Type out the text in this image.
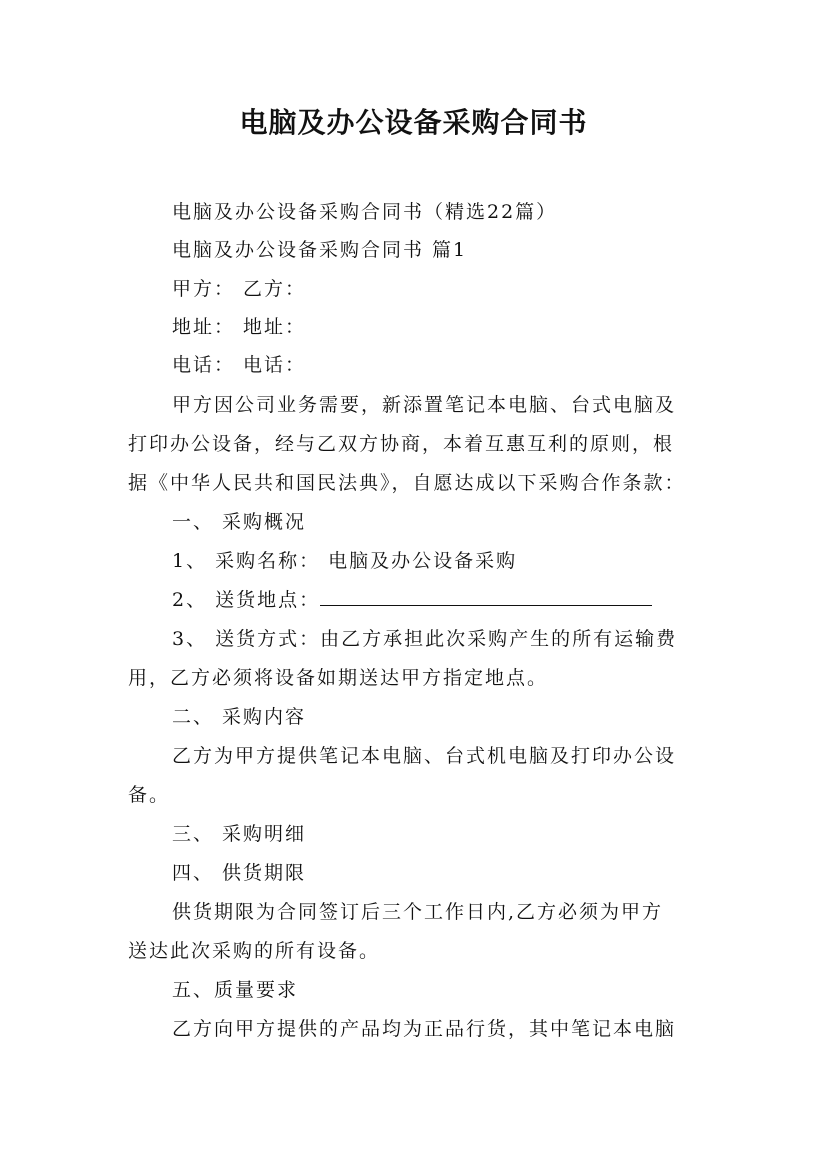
电脑及办公设备采购合同书
电脑及办公设备采购合同书（精选22篇）
电脑及办公设备采购合同书 篇1
甲方： 乙方：
地址： 地址：
电话： 电话：
甲方因公司业务需要，新添置笔记本电脑、台式电脑及
打印办公设备，经与乙双方协商，本着互惠互利的原则，根
据《中华人民共和国民法典》，自愿达成以下采购合作条款：
一、 采购概况
1、 采购名称： 电脑及办公设备采购
2、 送货地点：
3、 送货方式：由乙方承担此次采购产生的所有运输费
用，乙方必须将设备如期送达甲方指定地点。
二、 采购内容
乙方为甲方提供笔记本电脑、台式机电脑及打印办公设
备。
三、 采购明细
四、 供货期限
供货期限为合同签订后三个工作日内,乙方必须为甲方
送达此次采购的所有设备。
五、质量要求
乙方向甲方提供的产品均为正品行货，其中笔记本电脑
